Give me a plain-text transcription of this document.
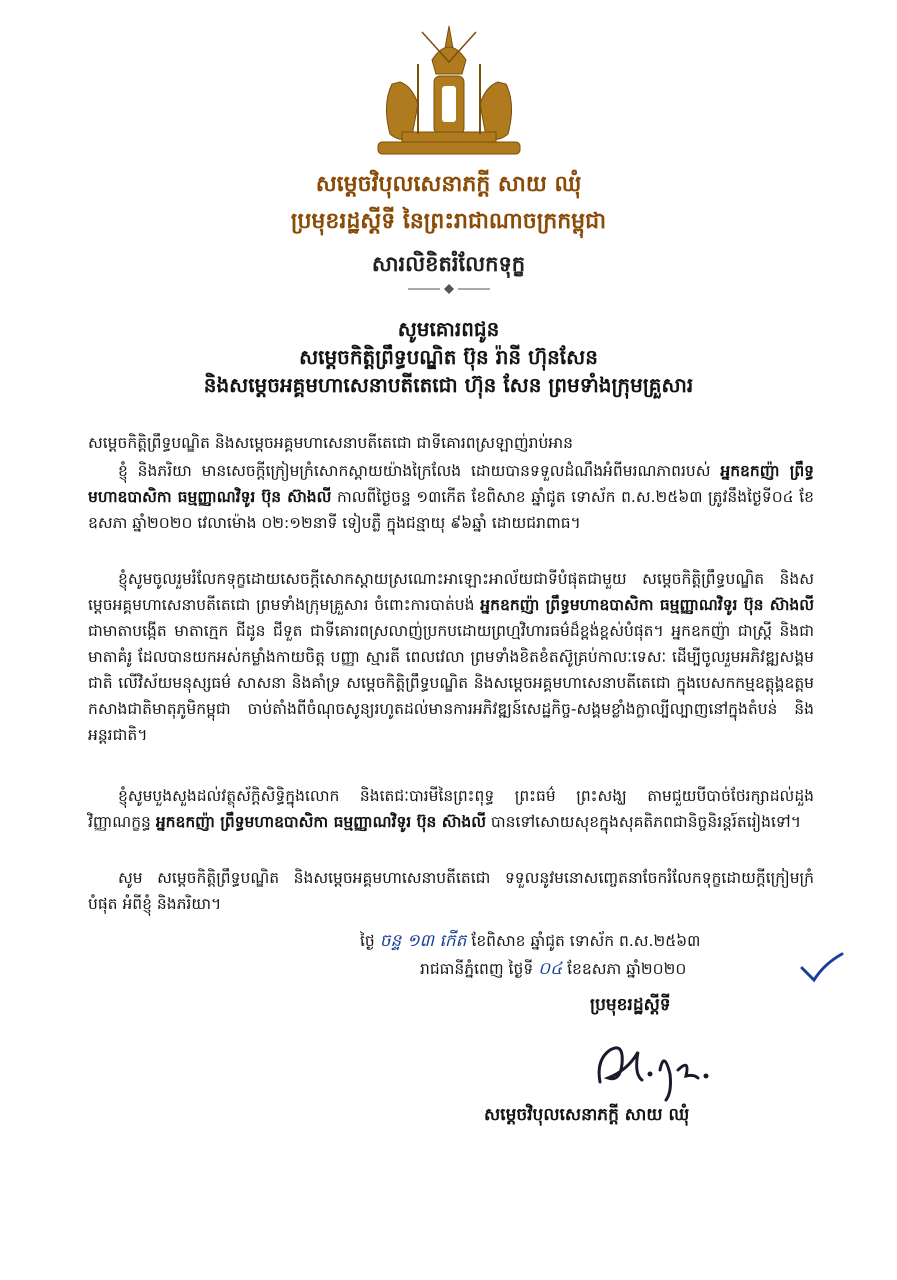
សម្តេចវិបុលសេនាភក្តី សាយ ឈុំ
ប្រមុខរដ្ឋស្តីទី នៃព្រះរាជាណាចក្រកម្ពុជា
សារលិខិតរំលែកទុក្ខ
សូមគោរពជូន
សម្តេចកិត្តិព្រឹទ្ធបណ្ឌិត ប៊ុន រ៉ានី ហ៊ុនសែន
និងសម្តេចអគ្គមហាសេនាបតីតេជោ ហ៊ុន សែន ព្រមទាំងក្រុមគ្រួសារ
សម្តេចកិត្តិព្រឹទ្ធបណ្ឌិត និងសម្តេចអគ្គមហាសេនាបតីតេជោ ជាទីគោរពស្រឡាញ់រាប់អាន
ខ្ញុំ និងភរិយា មានសេចក្តីក្រៀមក្រំសោកស្តាយយ៉ាងក្រៃលែង ដោយបានទទួលដំណឹងអំពីមរណភាពរបស់ អ្នកឧកញ៉ា ព្រឹទ្ធមហាឧបាសិកា ធម្មញ្ញាណវិទូរ ប៊ុន ស៊ាងលី កាលពីថ្ងៃចន្ទ ១៣កើត ខែពិសាខ ឆ្នាំជូត ទោស័ក ព.ស.២៥៦៣ ត្រូវនឹងថ្ងៃទី០៤ ខែឧសភា ឆ្នាំ២០២០ វេលាម៉ោង ០២:១២នាទី ទៀបភ្លឺ ក្នុងជន្មាយុ ៩៦ឆ្នាំ ដោយជរាពាធ។
ខ្ញុំសូមចូលរួមរំលែកទុក្ខដោយសេចក្តីសោកស្តាយស្រណោះអាឡោះអាល័យជាទីបំផុតជាមួយ សម្តេចកិត្តិព្រឹទ្ធបណ្ឌិត និងសម្តេចអគ្គមហាសេនាបតីតេជោ ព្រមទាំងក្រុមគ្រួសារ ចំពោះការបាត់បង់ អ្នកឧកញ៉ា ព្រឹទ្ធមហាឧបាសិកា ធម្មញ្ញាណវិទូរ ប៊ុន ស៊ាងលី ជាមាតាបង្កើត មាតាក្មេក ជីដូន ជីទួត ជាទីគោរពស្រលាញ់ប្រកបដោយព្រហ្មវិហារធម៌ដ៏ខ្ពង់ខ្ពស់បំផុត។ អ្នកឧកញ៉ា ជាស្ត្រី និងជាមាតាគំរូ ដែលបានយកអស់កម្លាំងកាយចិត្ត បញ្ញា ស្មារតី ពេលវេលា ព្រមទាំងខិតខំតស៊ូគ្រប់កាលៈទេសៈ ដើម្បីចូលរួមអភិវឌ្ឍសង្គមជាតិ លើវិស័យមនុស្សធម៌ សាសនា និងគាំទ្រ សម្តេចកិត្តិព្រឹទ្ធបណ្ឌិត និងសម្តេចអគ្គមហាសេនាបតីតេជោ ក្នុងបេសកកម្មឧត្តុង្គឧត្តមកសាងជាតិមាតុភូមិកម្ពុជា ចាប់តាំងពីចំណុចសូន្យរហូតដល់មានការអភិវឌ្ឍន៍សេដ្ឋកិច្ច-សង្គមខ្លាំងក្លាល្បីល្បាញនៅក្នុងតំបន់ និងអន្តរជាតិ។
ខ្ញុំសូមបួងសួងដល់វត្ថុស័ក្តិសិទ្ធិក្នុងលោក និងតេជៈបារមីនៃព្រះពុទ្ធ ព្រះធម៌ ព្រះសង្ឃ តាមជួយបីបាច់ថែរក្សាដល់ដួងវិញ្ញាណក្ខន្ធ អ្នកឧកញ៉ា ព្រឹទ្ធមហាឧបាសិកា ធម្មញ្ញាណវិទូរ ប៊ុន ស៊ាងលី បានទៅសោយសុខក្នុងសុគតិភពជានិច្ចនិរន្តរ៍តរៀងទៅ។
សូម សម្តេចកិត្តិព្រឹទ្ធបណ្ឌិត និងសម្តេចអគ្គមហាសេនាបតីតេជោ ទទួលនូវមនោសញ្ចេតនាចែករំលែកទុក្ខដោយក្តីក្រៀមក្រំបំផុត អំពីខ្ញុំ និងភរិយា។
ថ្ងៃ ចន្ទ ១៣ កើត ខែពិសាខ ឆ្នាំជូត ទោស័ក ព.ស.២៥៦៣
រាជធានីភ្នំពេញ ថ្ងៃទី ០៤ ខែឧសភា ឆ្នាំ២០២០
ប្រមុខរដ្ឋស្តីទី
សម្តេចវិបុលសេនាភក្តី សាយ ឈុំ
